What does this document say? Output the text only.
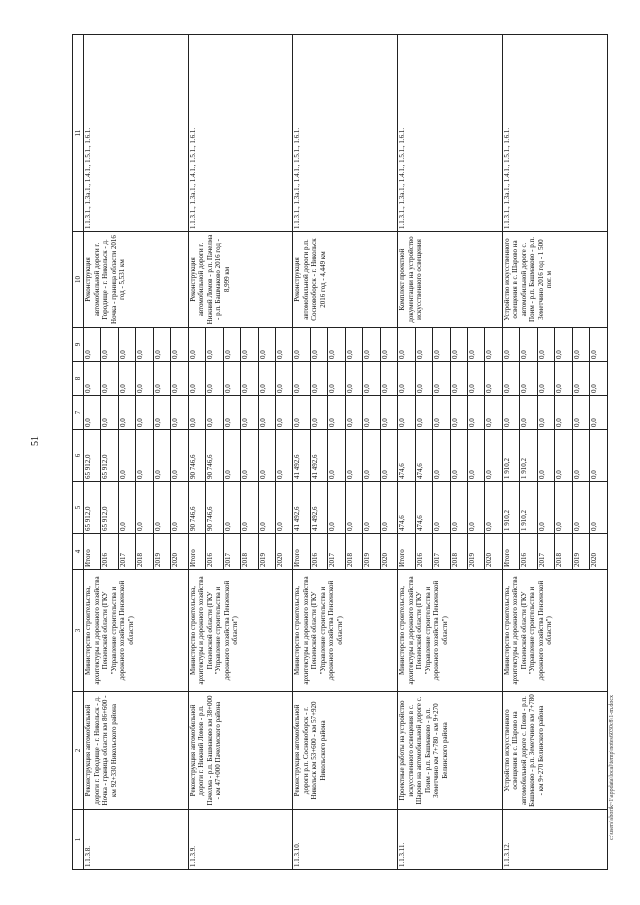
51
1	2	3	4	5	6	7	8	9	10	11
1.1.3.8.	Реконструкция автомобильной дороги г. Городище - г. Никольск - д. Ночка - граница области км 86+600 - км 92+330 Никольского района	Министерство строительства, архитектуры и дорожного хозяйства Пензенской области (ГКУ "Управление строительства и дорожного хозяйства Пензенской области")	Итого	65 912,0	65 912,0	0,0	0,0	0,0	Реконструкция автомобильной дороги г. Городище - г. Никольск - д. Ночка - граница области 2016 год - 5,531 км	1.1.3.1., 1.3а.1., 1.4.1., 1.5.1., 1.6.1.
			2016	65 912,0	65 912,0	0,0	0,0	0,0		
			2017	0,0	0,0	0,0	0,0	0,0		
			2018	0,0	0,0	0,0	0,0	0,0		
			2019	0,0	0,0	0,0	0,0	0,0		
			2020	0,0	0,0	0,0	0,0	0,0		
1.1.3.9.	Реконструкция автомобильной дороги г. Нижний Ломов - р.п. Пачелма - р.п. Башмаково км 38+000 - км 47+000 Пачелмского района	Министерство строительства, архитектуры и дорожного хозяйства Пензенской области (ГКУ "Управление строительства и дорожного хозяйства Пензенской области")	Итого	90 746,6	90 746,6	0,0	0,0	0,0	Реконструкция автомобильной дороги г. Нижний Ломов - р.п. Пачелма - р.п. Башмаково 2016 год - 8,999 км	1.1.3.1., 1.3а.1., 1.4.1., 1.5.1., 1.6.1.
			2016	90 746,6	90 746,6	0,0	0,0	0,0		
			2017	0,0	0,0	0,0	0,0	0,0		
			2018	0,0	0,0	0,0	0,0	0,0		
			2019	0,0	0,0	0,0	0,0	0,0		
			2020	0,0	0,0	0,0	0,0	0,0		
1.1.3.10.	Реконструкция автомобильной дороги р.п. Сосновоборск - г. Никольск км 53+600 - км 57+920 Никольского района	Министерство строительства, архитектуры и дорожного хозяйства Пензенской области (ГКУ "Управление строительства и дорожного хозяйства Пензенской области")	Итого	41 492,6	41 492,6	0,0	0,0	0,0	Реконструкция автомобильной дороги р.п. Сосновоборск - г. Никольск 2016 год - 4,449 км	1.1.3.1., 1.3а.1., 1.4.1., 1.5.1., 1.6.1.
			2016	41 492,6	41 492,6	0,0	0,0	0,0		
			2017	0,0	0,0	0,0	0,0	0,0		
			2018	0,0	0,0	0,0	0,0	0,0		
			2019	0,0	0,0	0,0	0,0	0,0		
			2020	0,0	0,0	0,0	0,0	0,0		
1.1.3.11.	Проектные работы на устройство искусственного освещения в с. Шарово на автомобильной дороге с. Поим - р.п. Башмаково - р.п. Земетчино км 7+780 - км 9+270 Белинского района	Министерство строительства, архитектуры и дорожного хозяйства Пензенской области (ГКУ "Управление строительства и дорожного хозяйства Пензенской области")	Итого	474,6	474,6	0,0	0,0	0,0	Комплект проектной документации на устройство искусственного освещения	1.1.3.1., 1.3а.1., 1.4.1., 1.5.1., 1.6.1.
			2016	474,6	474,6	0,0	0,0	0,0		
			2017	0,0	0,0	0,0	0,0	0,0		
			2018	0,0	0,0	0,0	0,0	0,0		
			2019	0,0	0,0	0,0	0,0	0,0		
			2020	0,0	0,0	0,0	0,0	0,0		
1.1.3.12.	Устройство искусственного освещения в с. Шарово на автомобильной дороге с. Поим - р.п. Башмаково - р.п. Земетчино км 7+780 - км 9+270 Белинского района	Министерство строительства, архитектуры и дорожного хозяйства Пензенской области (ГКУ "Управление строительства и дорожного хозяйства Пензенской области")	Итого	1 910,2	1 910,2	0,0	0,0	0,0	Устройство искусственного освещения в с. Шарово на автомобильной дороге с. Поим - р.п. Башмаково - р.п. Земетчино 2016 год - 1 500 пог. м	1.1.3.1., 1.3а.1., 1.4.1., 1.5.1., 1.6.1.
			2016	1 910,2	1 910,2	0,0	0,0	0,0		
			2017	0,0	0,0	0,0	0,0	0,0		
			2018	0,0	0,0	0,0	0,0	0,0		
			2019	0,0	0,0	0,0	0,0	0,0		
			2020	0,0	0,0	0,0	0,0	0,0		
c:\users\sborik~1\appdata\local\temp\notes6030c8\1-m.docx
